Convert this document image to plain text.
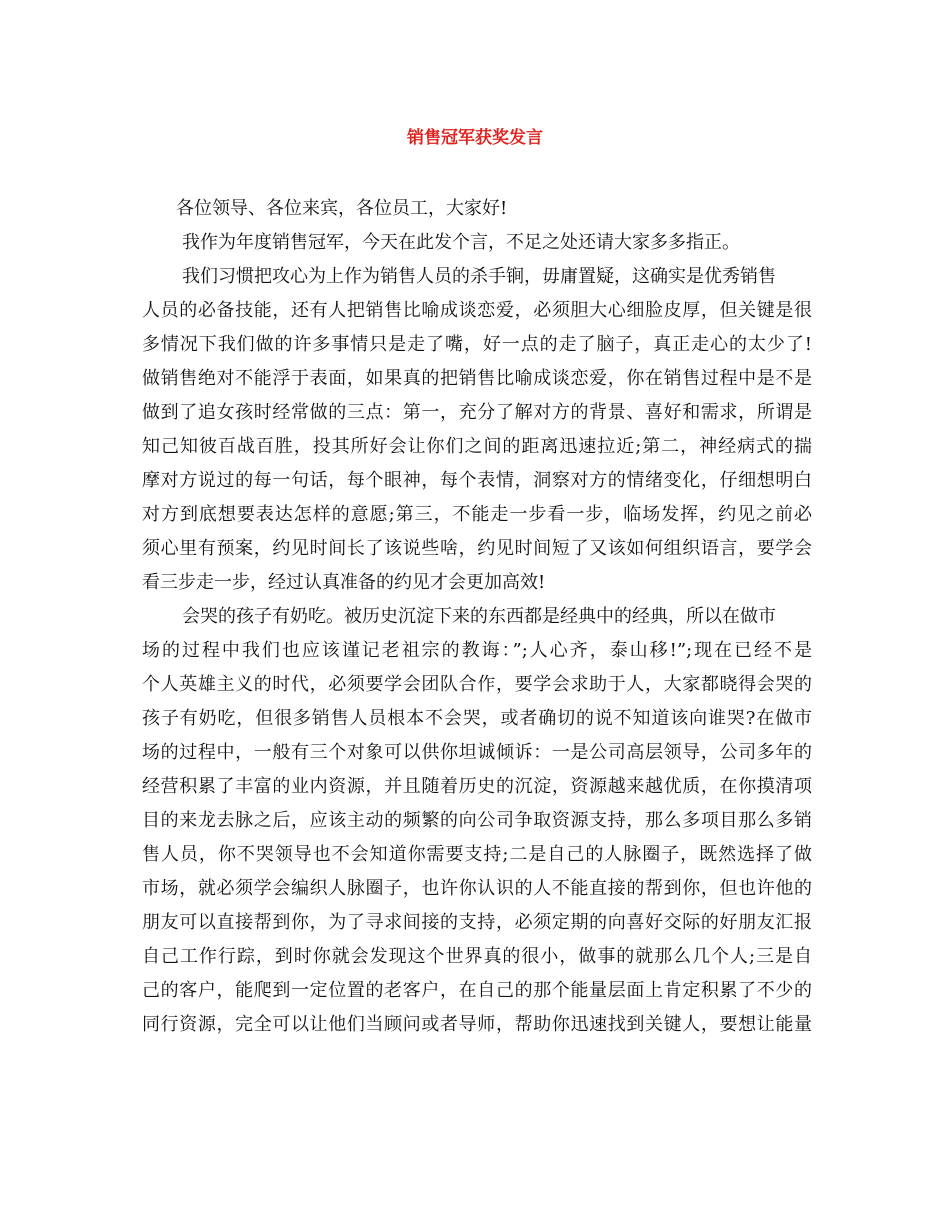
销售冠军获奖发言

各位领导、各位来宾，各位员工，大家好!

我作为年度销售冠军，今天在此发个言，不足之处还请大家多多指正。

我们习惯把攻心为上作为销售人员的杀手锏，毋庸置疑，这确实是优秀销售

人员的必备技能，还有人把销售比喻成谈恋爱，必须胆大心细脸皮厚，但关键是很

多情况下我们做的许多事情只是走了嘴，好一点的走了脑子，真正走心的太少了!

做销售绝对不能浮于表面，如果真的把销售比喻成谈恋爱，你在销售过程中是不是

做到了追女孩时经常做的三点：第一，充分了解对方的背景、喜好和需求，所谓是

知己知彼百战百胜，投其所好会让你们之间的距离迅速拉近;第二，神经病式的揣

摩对方说过的每一句话，每个眼神，每个表情，洞察对方的情绪变化，仔细想明白

对方到底想要表达怎样的意愿;第三，不能走一步看一步，临场发挥，约见之前必

须心里有预案，约见时间长了该说些啥，约见时间短了又该如何组织语言，要学会

看三步走一步，经过认真准备的约见才会更加高效!

会哭的孩子有奶吃。被历史沉淀下来的东西都是经典中的经典，所以在做市

场的过程中我们也应该谨记老祖宗的教诲：”;人心齐，泰山移!”;现在已经不是

个人英雄主义的时代，必须要学会团队合作，要学会求助于人，大家都晓得会哭的

孩子有奶吃，但很多销售人员根本不会哭，或者确切的说不知道该向谁哭?在做市

场的过程中，一般有三个对象可以供你坦诚倾诉：一是公司高层领导，公司多年的

经营积累了丰富的业内资源，并且随着历史的沉淀，资源越来越优质，在你摸清项

目的来龙去脉之后，应该主动的频繁的向公司争取资源支持，那么多项目那么多销

售人员，你不哭领导也不会知道你需要支持;二是自己的人脉圈子，既然选择了做

市场，就必须学会编织人脉圈子，也许你认识的人不能直接的帮到你，但也许他的

朋友可以直接帮到你，为了寻求间接的支持，必须定期的向喜好交际的好朋友汇报

自己工作行踪，到时你就会发现这个世界真的很小，做事的就那么几个人;三是自

己的客户，能爬到一定位置的老客户，在自己的那个能量层面上肯定积累了不少的

同行资源，完全可以让他们当顾问或者导师，帮助你迅速找到关键人，要想让能量
